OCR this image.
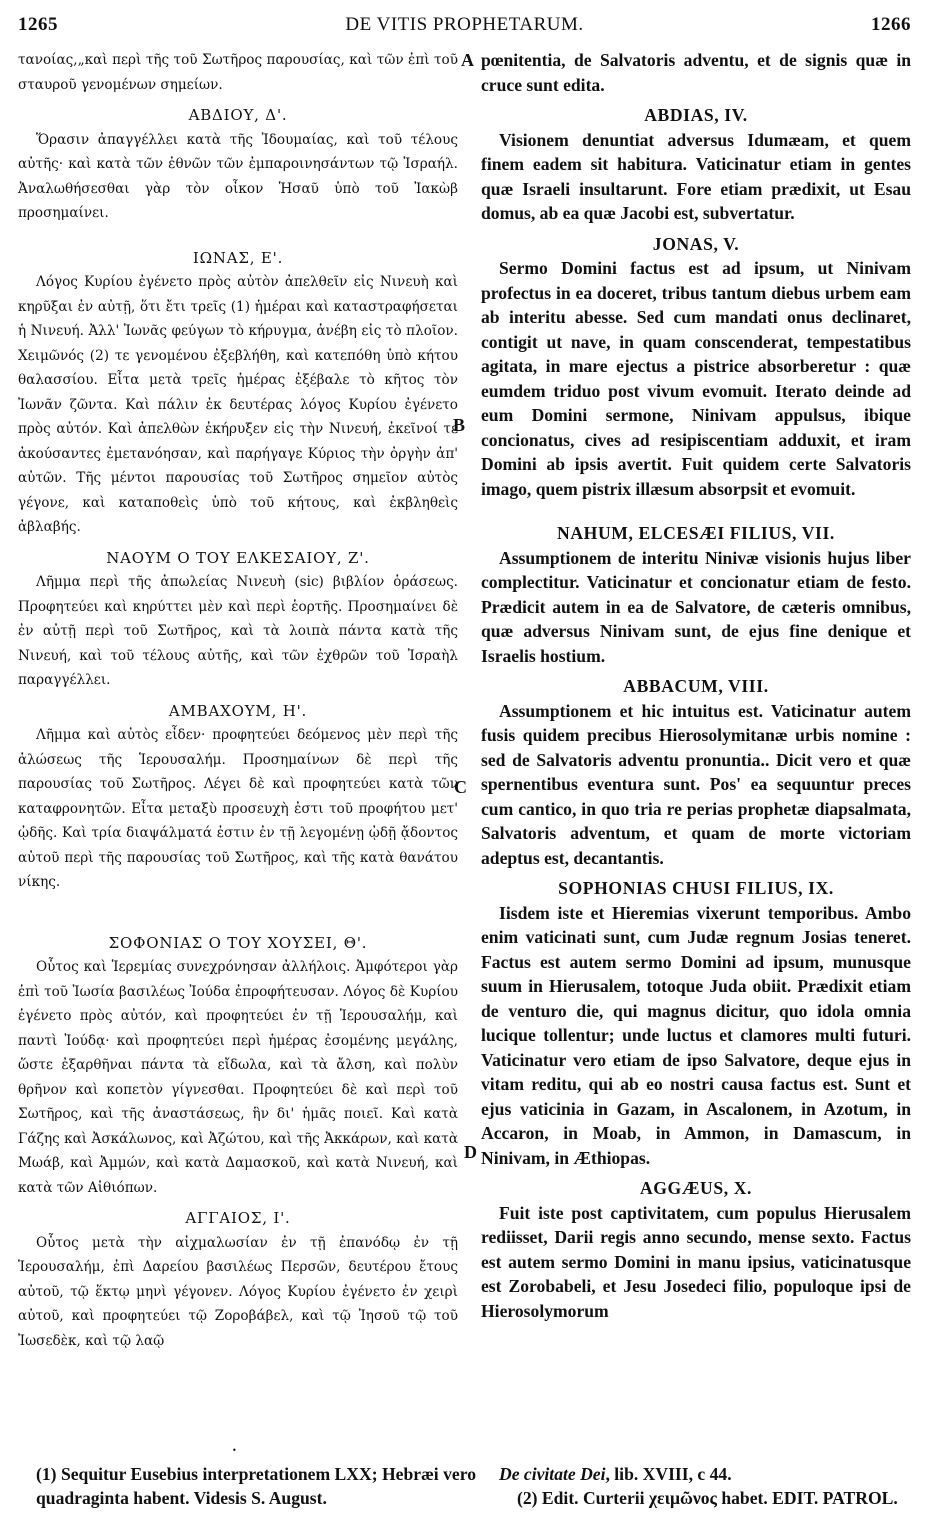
1265	DE VITIS PROPHETARUM.	1266
A
B
C
D

τανοίας,„καὶ περὶ τῆς τοῦ Σωτῆρος παρουσίας, καὶ τῶν ἐπὶ τοῦ σταυροῦ γενομένων σημείων.

ΑΒΔΙΟΥ, Δ'.

Ὅρασιν ἀπαγγέλλει κατὰ τῆς Ἰδουμαίας, καὶ τοῦ τέλους αὐτῆς· καὶ κατὰ τῶν ἐθνῶν τῶν ἐμπαροινησάντων τῷ Ἰσραήλ. Ἀναλωθήσεσθαι γὰρ τὸν οἶκον Ἡσαῦ ὑπὸ τοῦ Ἰακὼβ προσημαίνει.

ΙΩΝΑΣ, Ε'.

Λόγος Κυρίου ἐγένετο πρὸς αὐτὸν ἀπελθεῖν εἰς Νινευὴ καὶ κηρῦξαι ἐν αὐτῇ, ὅτι ἔτι τρεῖς (1) ἡμέραι καὶ καταστραφήσεται ἡ Νινευή. Ἀλλ' Ἰωνᾶς φεύγων τὸ κήρυγμα, ἀνέβη εἰς τὸ πλοῖον. Χειμῶνός (2) τε γενομένου ἐξεβλήθη, καὶ κατεπόθη ὑπὸ κήτου θαλασσίου. Εἶτα μετὰ τρεῖς ἡμέρας ἐξέβαλε τὸ κῆτος τὸν Ἰωνᾶν ζῶντα. Καὶ πάλιν ἐκ δευτέρας λόγος Κυρίου ἐγένετο πρὸς αὐτόν. Καὶ ἀπελθὼν ἐκήρυξεν εἰς τὴν Νινευή, ἐκεῖνοί τε ἀκούσαντες ἐμετανόησαν, καὶ παρήγαγε Κύριος τὴν ὀργὴν ἀπ' αὐτῶν. Τῆς μέντοι παρουσίας τοῦ Σωτῆρος σημεῖον αὐτὸς γέγονε, καὶ καταποθεὶς ὑπὸ τοῦ κήτους, καὶ ἐκβληθεὶς ἀβλαβής.

ΝΑΟΥΜ Ο ΤΟΥ ΕΛΚΕΣΑΙΟΥ, Ζ'.

Λῆμμα περὶ τῆς ἀπωλείας Νινευὴ (sic) βιβλίον ὁράσεως. Προφητεύει καὶ κηρύττει μὲν καὶ περὶ ἑορτῆς. Προσημαίνει δὲ ἐν αὐτῇ περὶ τοῦ Σωτῆρος, καὶ τὰ λοιπὰ πάντα κατὰ τῆς Νινευή, καὶ τοῦ τέλους αὐτῆς, καὶ τῶν ἐχθρῶν τοῦ Ἰσραὴλ παραγγέλλει.

ΑΜΒΑΧΟΥΜ, Η'.

Λῆμμα καὶ αὐτὸς εἶδεν· προφητεύει δεόμενος μὲν περὶ τῆς ἁλώσεως τῆς Ἱερουσαλήμ. Προσημαίνων δὲ περὶ τῆς παρουσίας τοῦ Σωτῆρος. Λέγει δὲ καὶ προφητεύει κατὰ τῶν καταφρονητῶν. Εἶτα μεταξὺ προσευχὴ ἐστι τοῦ προφήτου μετ' ᾠδῆς. Καὶ τρία διαψάλματά ἐστιν ἐν τῇ λεγομένῃ ᾠδῇ ᾄδοντος αὐτοῦ περὶ τῆς παρουσίας τοῦ Σωτῆρος, καὶ τῆς κατὰ θανάτου νίκης.

ΣΟΦΟΝΙΑΣ Ο ΤΟΥ ΧΟΥΣΕΙ, Θ'.

Οὗτος καὶ Ἱερεμίας συνεχρόνησαν ἀλλήλοις. Ἀμφότεροι γὰρ ἐπὶ τοῦ Ἰωσία βασιλέως Ἰούδα ἐπροφήτευσαν. Λόγος δὲ Κυρίου ἐγένετο πρὸς αὐτόν, καὶ προφητεύει ἐν τῇ Ἱερουσαλήμ, καὶ παντὶ Ἰούδᾳ· καὶ προφητεύει περὶ ἡμέρας ἐσομένης μεγάλης, ὥστε ἐξαρθῆναι πάντα τὰ εἴδωλα, καὶ τὰ ἄλση, καὶ πολὺν θρῆνον καὶ κοπετὸν γίγνεσθαι. Προφητεύει δὲ καὶ περὶ τοῦ Σωτῆρος, καὶ τῆς ἀναστάσεως, ἣν δι' ἡμᾶς ποιεῖ. Καὶ κατὰ Γάζης καὶ Ἀσκάλωνος, καὶ Ἀζώτου, καὶ τῆς Ἀκκάρων, καὶ κατὰ Μωάβ, καὶ Ἀμμών, καὶ κατὰ Δαμασκοῦ, καὶ κατὰ Νινευή, καὶ κατὰ τῶν Αἰθιόπων.

ΑΓΓΑΙΟΣ, Ι'.

Οὗτος μετὰ τὴν αἰχμαλωσίαν ἐν τῇ ἐπανόδῳ ἐν τῇ Ἱερουσαλήμ, ἐπὶ Δαρείου βασιλέως Περσῶν, δευτέρου ἔτους αὐτοῦ, τῷ ἕκτῳ μηνὶ γέγονεν. Λόγος Κυρίου ἐγένετο ἐν χειρὶ αὐτοῦ, καὶ προφητεύει τῷ Ζοροβάβελ, καὶ τῷ Ἰησοῦ τῷ τοῦ Ἰωσεδὲκ, καὶ τῷ λαῷ

pœnitentia, de Salvatoris adventu, et de signis quæ in cruce sunt edita.

ABDIAS, IV.

Visionem denuntiat adversus Idumæam, et quem finem eadem sit habitura. Vaticinatur etiam in gentes quæ Israeli insultarunt. Fore etiam prædixit, ut Esau domus, ab ea quæ Jacobi est, subvertatur.

JONAS, V.

Sermo Domini factus est ad ipsum, ut Ninivam profectus in ea doceret, tribus tantum diebus urbem eam ab interitu abesse. Sed cum mandati onus declinaret, contigit ut nave, in quam conscenderat, tempestatibus agitata, in mare ejectus a pistrice absorberetur : quæ eumdem triduo post vivum evomuit. Iterato deinde ad eum Domini sermone, Ninivam appulsus, ibique concionatus, cives ad resipiscentiam adduxit, et iram Domini ab ipsis avertit. Fuit quidem certe Salvatoris imago, quem pistrix illæsum absorpsit et evomuit.

NAHUM, ELCESÆI FILIUS, VII.

Assumptionem de interitu Ninivæ visionis hujus liber complectitur. Vaticinatur et concionatur etiam de festo. Prædicit autem in ea de Salvatore, de cæteris omnibus, quæ adversus Ninivam sunt, de ejus fine denique et Israelis hostium.

ABBACUM, VIII.

Assumptionem et hic intuitus est. Vaticinatur autem fusis quidem precibus Hierosolymitanæ urbis nomine : sed de Salvatoris adventu pronuntia.. Dicit vero et quæ spernentibus eventura sunt. Pos' ea sequuntur preces cum cantico, in quo tria re perias prophetæ diapsalmata, Salvatoris adventum, et quam de morte victoriam adeptus est, decantantis.

SOPHONIAS CHUSI FILIUS, IX.

Iisdem iste et Hieremias vixerunt temporibus. Ambo enim vaticinati sunt, cum Judæ regnum Josias teneret. Factus est autem sermo Domini ad ipsum, munusque suum in Hierusalem, totoque Juda obiit. Prædixit etiam de venturo die, qui magnus dicitur, quo idola omnia lucique tollentur; unde luctus et clamores multi futuri. Vaticinatur vero etiam de ipso Salvatore, deque ejus in vitam reditu, qui ab eo nostri causa factus est. Sunt et ejus vaticinia in Gazam, in Ascalonem, in Azotum, in Accaron, in Moab, in Ammon, in Damascum, in Ninivam, in Æthiopas.

AGGÆUS, X.

Fuit iste post captivitatem, cum populus Hierusalem rediisset, Darii regis anno secundo, mense sexto. Factus est autem sermo Domini in manu ipsius, vaticinatusque est Zorobabeli, et Jesu Josedeci filio, populoque ipsi de Hierosolymorum

•

(1) Sequitur Eusebius interpretationem LXX; Hebræi vero quadraginta habent. Videsis S. August.

De civitate Dei, lib. XVIII, c 44.

(2) Edit. Curterii χειμῶνος habet. EDIT. PATROL.
